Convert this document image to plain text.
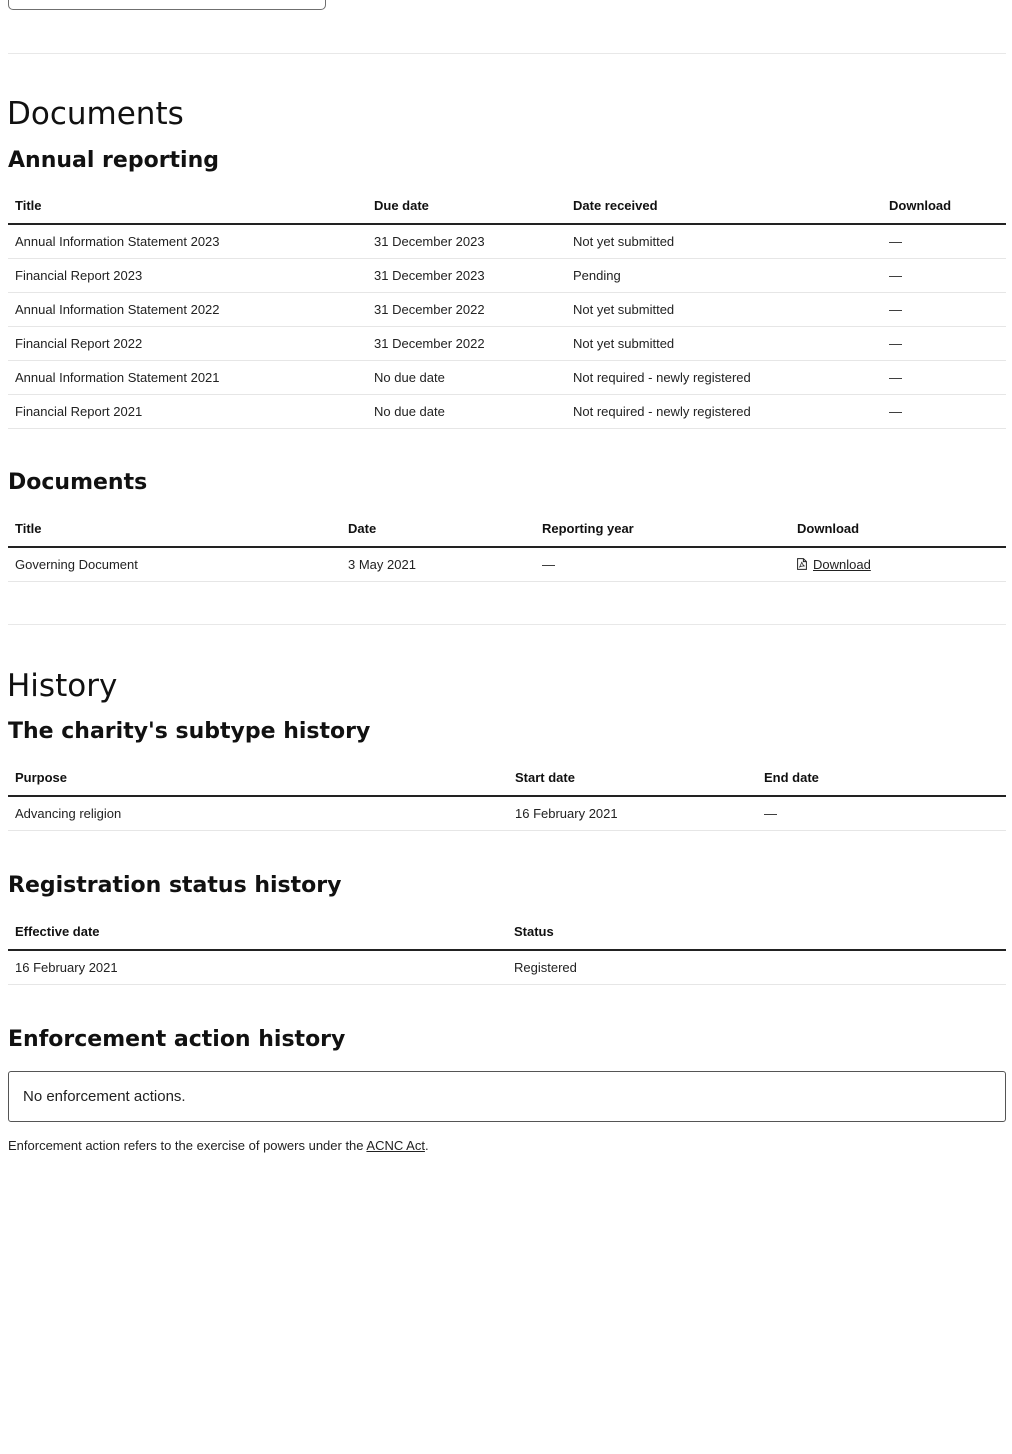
Documents
Annual reporting
Title	Due date	Date received	Download
Annual Information Statement 2023	31 December 2023	Not yet submitted	—
Financial Report 2023	31 December 2023	Pending	—
Annual Information Statement 2022	31 December 2022	Not yet submitted	—
Financial Report 2022	31 December 2022	Not yet submitted	—
Annual Information Statement 2021	No due date	Not required - newly registered	—
Financial Report 2021	No due date	Not required - newly registered	—
Documents
Title	Date	Reporting year	Download
Governing Document	3 May 2021	—	Download
History
The charity's subtype history
Purpose	Start date	End date
Advancing religion	16 February 2021	—
Registration status history
Effective date	Status
16 February 2021	Registered
Enforcement action history
No enforcement actions.

Enforcement action refers to the exercise of powers under the ACNC Act.
